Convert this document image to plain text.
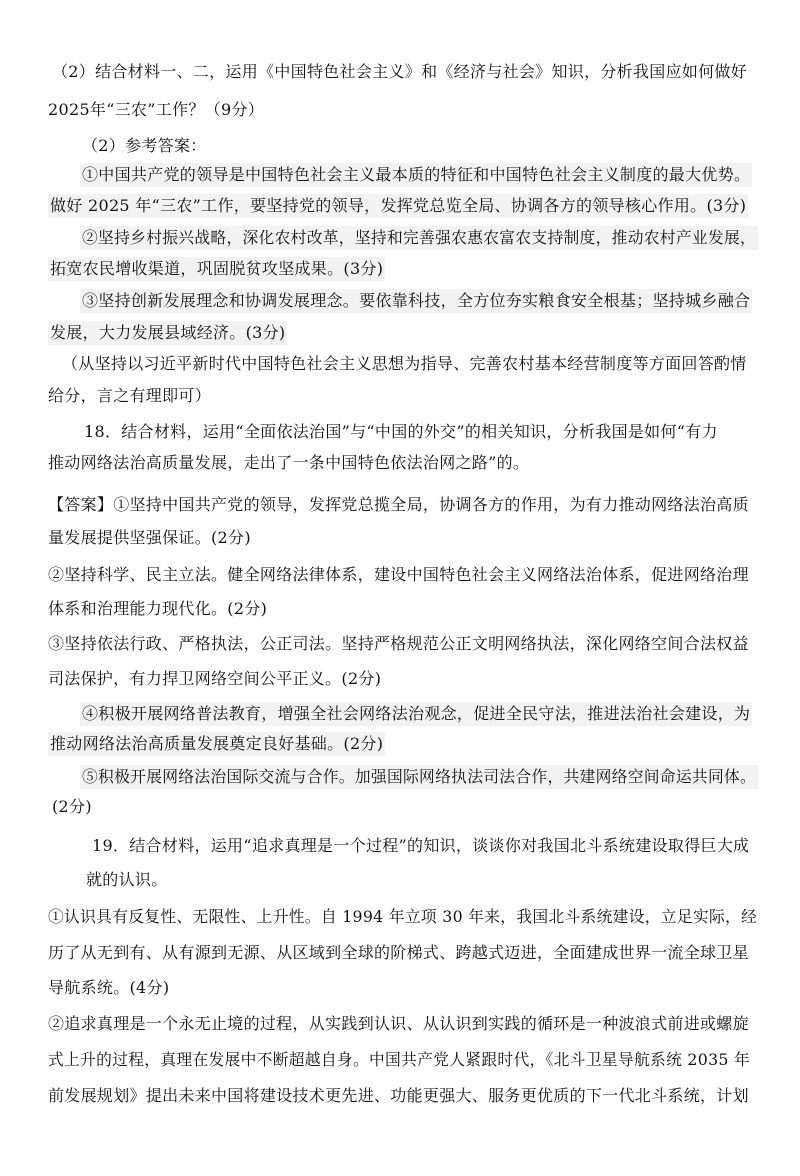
（2）结合材料一、二，运用《中国特色社会主义》和《经济与社会》知识，分析我国应如何做好
2025年“三农”工作？（9分）
（2）参考答案：
①中国共产党的领导是中国特色社会主义最本质的特征和中国特色社会主义制度的最大优势。
做好 2025 年“三农”工作，要坚持党的领导，发挥党总览全局、协调各方的领导核心作用。(3分)
②坚持乡村振兴战略，深化农村改革，坚持和完善强农惠农富农支持制度，推动农村产业发展，
拓宽农民增收渠道，巩固脱贫攻坚成果。(3分)
③坚持创新发展理念和协调发展理念。要依靠科技，全方位夯实粮食安全根基；坚持城乡融合
发展，大力发展县域经济。(3分)
（从坚持以习近平新时代中国特色社会主义思想为指导、完善农村基本经营制度等方面回答酌情
给分，言之有理即可）
18．结合材料，运用“全面依法治国”与“中国的外交”的相关知识，分析我国是如何“有力
推动网络法治高质量发展，走出了一条中国特色依法治网之路”的。
【答案】①坚持中国共产党的领导，发挥党总揽全局，协调各方的作用，为有力推动网络法治高质
量发展提供坚强保证。(2分)
②坚持科学、民主立法。健全网络法律体系，建设中国特色社会主义网络法治体系，促进网络治理
体系和治理能力现代化。(2分)
③坚持依法行政、严格执法，公正司法。坚持严格规范公正文明网络执法，深化网络空间合法权益
司法保护，有力捍卫网络空间公平正义。(2分)
④积极开展网络普法教育，增强全社会网络法治观念，促进全民守法，推进法治社会建设，为
推动网络法治高质量发展奠定良好基础。(2分)
⑤积极开展网络法治国际交流与合作。加强国际网络执法司法合作，共建网络空间命运共同体。
(2分)
19．结合材料，运用“追求真理是一个过程”的知识，谈谈你对我国北斗系统建设取得巨大成
就的认识。
①认识具有反复性、无限性、上升性。自 1994 年立项 30 年来，我国北斗系统建设，立足实际，经
历了从无到有、从有源到无源、从区域到全球的阶梯式、跨越式迈进，全面建成世界一流全球卫星
导航系统。(4分)
②追求真理是一个永无止境的过程，从实践到认识、从认识到实践的循环是一种波浪式前进或螺旋
式上升的过程，真理在发展中不断超越自身。中国共产党人紧跟时代，《北斗卫星导航系统 2035 年
前发展规划》提出未来中国将建设技术更先进、功能更强大、服务更优质的下一代北斗系统，计划
